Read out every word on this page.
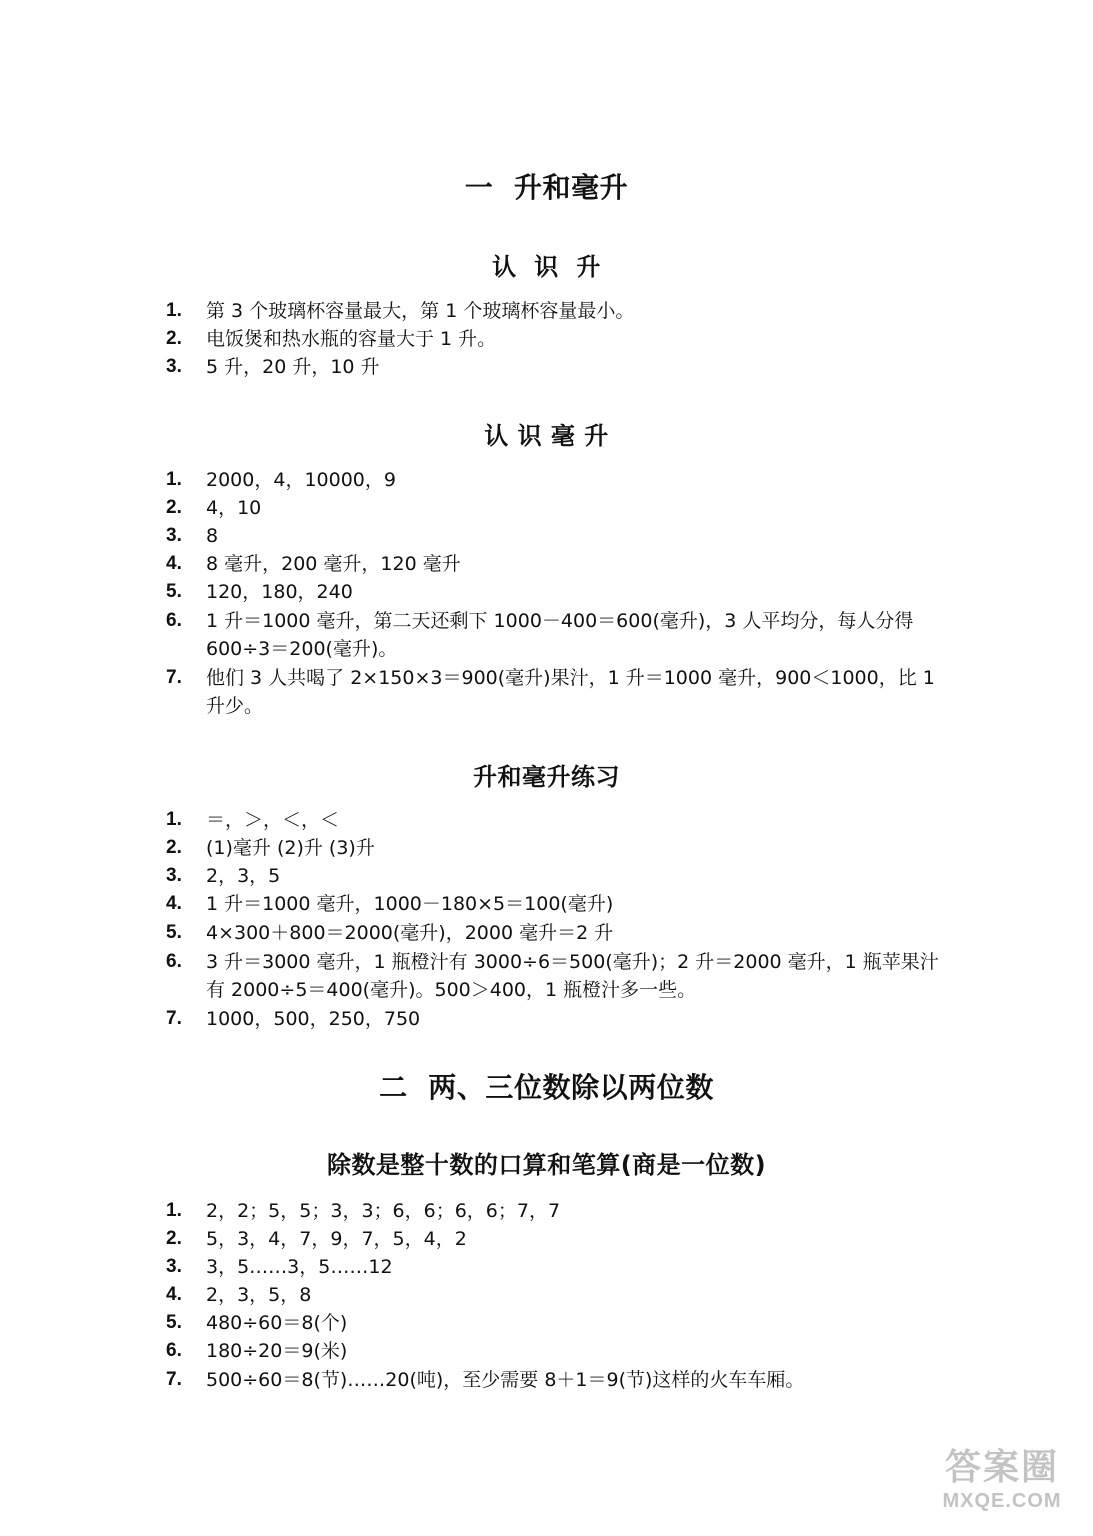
一  升和毫升
认  识  升
1. 第 3 个玻璃杯容量最大，第 1 个玻璃杯容量最小。
2. 电饭煲和热水瓶的容量大于 1 升。
3. 5 升，20 升，10 升
认 识 毫 升
1. 2000，4，10000，9
2. 4，10
3. 8
4. 8 毫升，200 毫升，120 毫升
5. 120，180，240
6. 1 升＝1000 毫升，第二天还剩下 1000－400＝600(毫升)，3 人平均分，每人分得 600÷3＝200(毫升)。
7. 他们 3 人共喝了 2×150×3＝900(毫升)果汁，1 升＝1000 毫升，900＜1000，比 1 升少。
升和毫升练习
1. ＝，＞，＜，＜
2. (1)毫升 (2)升 (3)升
3. 2，3，5
4. 1 升＝1000 毫升，1000－180×5＝100(毫升)
5. 4×300＋800＝2000(毫升)，2000 毫升＝2 升
6. 3 升＝3000 毫升，1 瓶橙汁有 3000÷6＝500(毫升)；2 升＝2000 毫升，1 瓶苹果汁有 2000÷5＝400(毫升)。500＞400，1 瓶橙汁多一些。
7. 1000，500，250，750
二  两、三位数除以两位数
除数是整十数的口算和笔算(商是一位数)
1. 2，2；5，5；3，3；6，6；6，6；7，7
2. 5，3，4，7，9，7，5，4，2
3. 3，5……3，5……12
4. 2，3，5，8
5. 480÷60＝8(个)
6. 180÷20＝9(米)
7. 500÷60＝8(节)……20(吨)，至少需要 8＋1＝9(节)这样的火车车厢。
答案圈
MXQE.COM
